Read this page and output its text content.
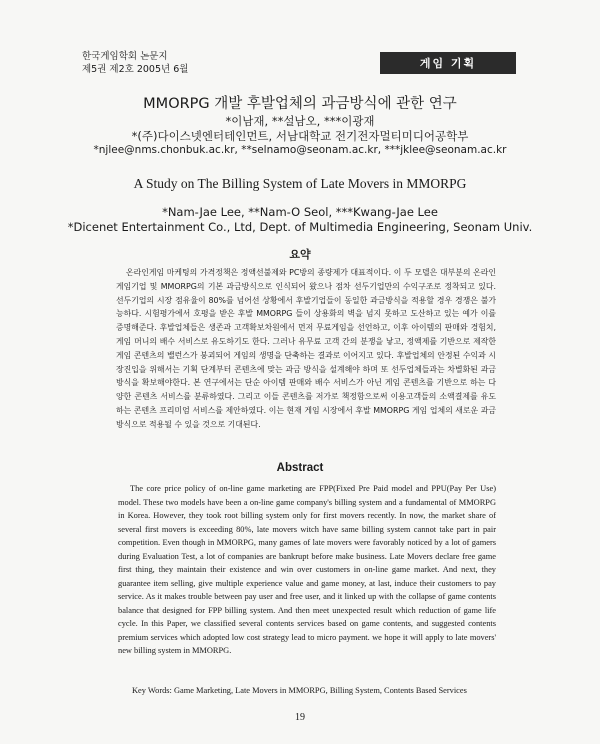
한국게임학회 논문지
제5권 제2호 2005년 6월	게임 기획
MMORPG 개발 후발업체의 과금방식에 관한 연구
*이남재, **설남오, ***이광재
*(주)다이스넷엔터테인먼트, 서남대학교 전기전자멀티미디어공학부
*njlee@nms.chonbuk.ac.kr, **selnamo@seonam.ac.kr, ***jklee@seonam.ac.kr
A Study on The Billing System of Late Movers in MMORPG
*Nam-Jae Lee, **Nam-O Seol, ***Kwang-Jae Lee
*Dicenet Entertainment Co., Ltd, Dept. of Multimedia Engineering, Seonam Univ.
요약
온라인게임 마케팅의 가격정책은 정액선불제와 PC방의 종량제가 대표적이다. 이 두 모델은 대부분의 온라인게임기업 및 MMORPG의 기본 과금방식으로 인식되어 왔으나 점차 선두기업만의 수익구조로 정착되고 있다. 선두기업의 시장 점유율이 80%를 넘어선 상황에서 후발기업들이 동일한 과금방식을 적용할 경우 경쟁은 불가능하다. 시험평가에서 호평을 받은 후발 MMORPG 들이 상용화의 벽을 넘지 못하고 도산하고 있는 예가 이를 증명해준다. 후발업체들은 생존과 고객확보차원에서 먼저 무료게임을 선언하고, 이후 아이템의 판매와 경험치, 게임 머니의 배수 서비스로 유도하기도 한다. 그러나 유무료 고객 간의 분쟁을 낳고, 정액제를 기반으로 제작한 게임 콘텐츠의 밸런스가 붕괴되어 게임의 생명을 단축하는 결과로 이어지고 있다. 후발업체의 안정된 수익과 시장진입을 위해서는 기획 단계부터 콘텐츠에 맞는 과금 방식을 설계해야 하며 또 선두업체들과는 차별화된 과금방식을 확보해야한다. 본 연구에서는 단순 아이템 판매와 배수 서비스가 아닌 게임 콘텐츠를 기반으로 하는 다양한 콘텐츠 서비스를 분류하였다. 그리고 이들 콘텐츠를 저가로 책정함으로써 이용고객들의 소액결제를 유도하는 콘텐츠 프리미엄 서비스를 제안하였다. 이는 현재 게임 시장에서 후발 MMORPG 게임 업체의 새로운 과금방식으로 적용될 수 있을 것으로 기대된다.
Abstract
The core price policy of on-line game marketing are FPP(Fixed Pre Paid model and PPU(Pay Per Use) model. These two models have been a on-line game company's billing system and a fundamental of MMORPG in Korea. However, they took root billing system only for first movers recently. In now, the market share of several first movers is exceeding 80%, late movers witch have same billing system cannot take part in pair competition. Even though in MMORPG, many games of late movers were favorably noticed by a lot of gamers during Evaluation Test, a lot of companies are bankrupt before make business. Late Movers declare free game first thing, they maintain their existence and win over customers in on-line game market. And next, they guarantee item selling, give multiple experience value and game money, at last, induce their customers to pay service. As it makes trouble between pay user and free user, and it linked up with the collapse of game contents balance that designed for FPP billing system. And then meet unexpected result which reduction of game life cycle. In this Paper, we classified several contents services based on game contents, and suggested contents premium services which adopted low cost strategy lead to micro payment. we hope it will apply to late movers' new billing system in MMORPG.
Key Words: Game Marketing, Late Movers in MMORPG, Billing System, Contents Based Services
19
